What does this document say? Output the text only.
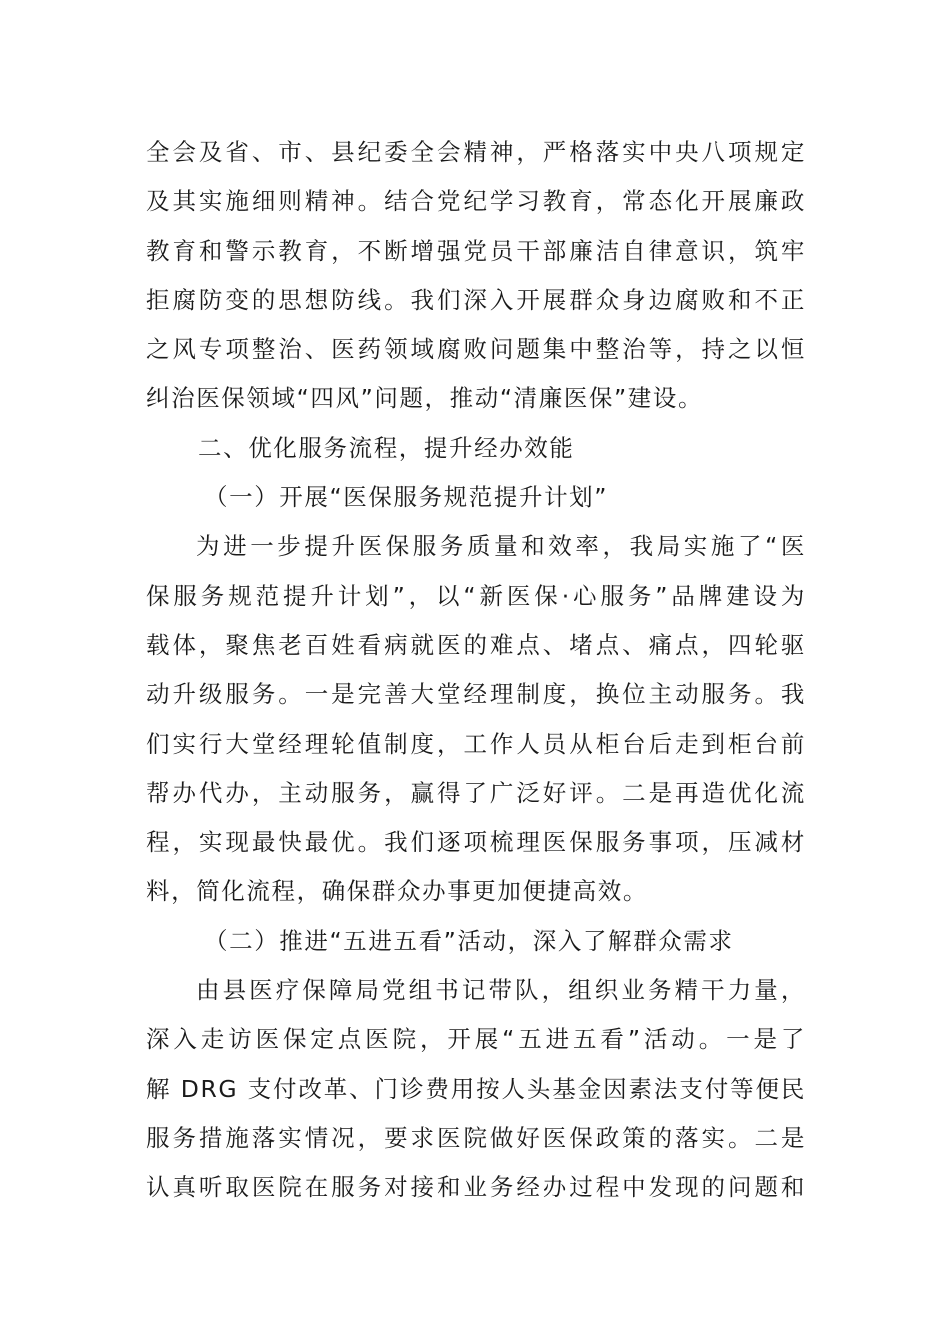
全会及省、市、县纪委全会精神，严格落实中央八项规定
及其实施细则精神。结合党纪学习教育，常态化开展廉政
教育和警示教育，不断增强党员干部廉洁自律意识，筑牢
拒腐防变的思想防线。我们深入开展群众身边腐败和不正
之风专项整治、医药领域腐败问题集中整治等，持之以恒
纠治医保领域“四风”问题，推动“清廉医保”建设。
二、优化服务流程，提升经办效能
（一）开展“医保服务规范提升计划”
为进一步提升医保服务质量和效率，我局实施了“医
保服务规范提升计划”，以“新医保·心服务”品牌建设为
载体，聚焦老百姓看病就医的难点、堵点、痛点，四轮驱
动升级服务。一是完善大堂经理制度，换位主动服务。我
们实行大堂经理轮值制度，工作人员从柜台后走到柜台前
帮办代办，主动服务，赢得了广泛好评。二是再造优化流
程，实现最快最优。我们逐项梳理医保服务事项，压减材
料，简化流程，确保群众办事更加便捷高效。
（二）推进“五进五看”活动，深入了解群众需求
由县医疗保障局党组书记带队，组织业务精干力量，
深入走访医保定点医院，开展“五进五看”活动。一是了
解 DRG 支付改革、门诊费用按人头基金因素法支付等便民
服务措施落实情况，要求医院做好医保政策的落实。二是
认真听取医院在服务对接和业务经办过程中发现的问题和
